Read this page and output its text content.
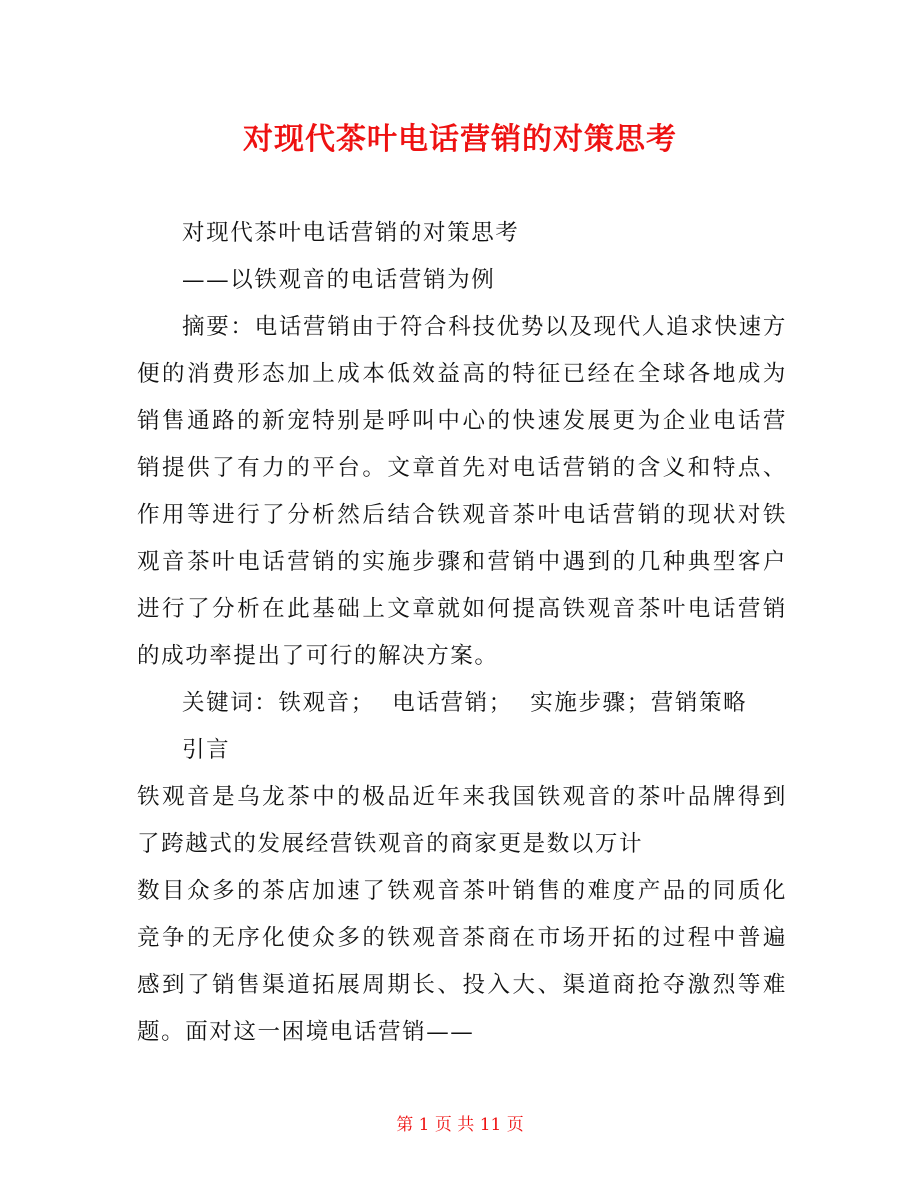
对现代茶叶电话营销的对策思考

对现代茶叶电话营销的对策思考

——以铁观音的电话营销为例

摘要：电话营销由于符合科技优势以及现代人追求快速方便的消费形态加上成本低效益高的特征已经在全球各地成为销售通路的新宠特别是呼叫中心的快速发展更为企业电话营销提供了有力的平台。文章首先对电话营销的含义和特点、作用等进行了分析然后结合铁观音茶叶电话营销的现状对铁观音茶叶电话营销的实施步骤和营销中遇到的几种典型客户进行了分析在此基础上文章就如何提高铁观音茶叶电话营销的成功率提出了可行的解决方案。

关键词：铁观音；  电话营销；  实施步骤；营销策略

引言

铁观音是乌龙茶中的极品近年来我国铁观音的茶叶品牌得到了跨越式的发展经营铁观音的商家更是数以万计

数目众多的茶店加速了铁观音茶叶销售的难度产品的同质化竞争的无序化使众多的铁观音茶商在市场开拓的过程中普遍感到了销售渠道拓展周期长、投入大、渠道商抢夺激烈等难题。面对这一困境电话营销——

第 1 页 共 11 页
